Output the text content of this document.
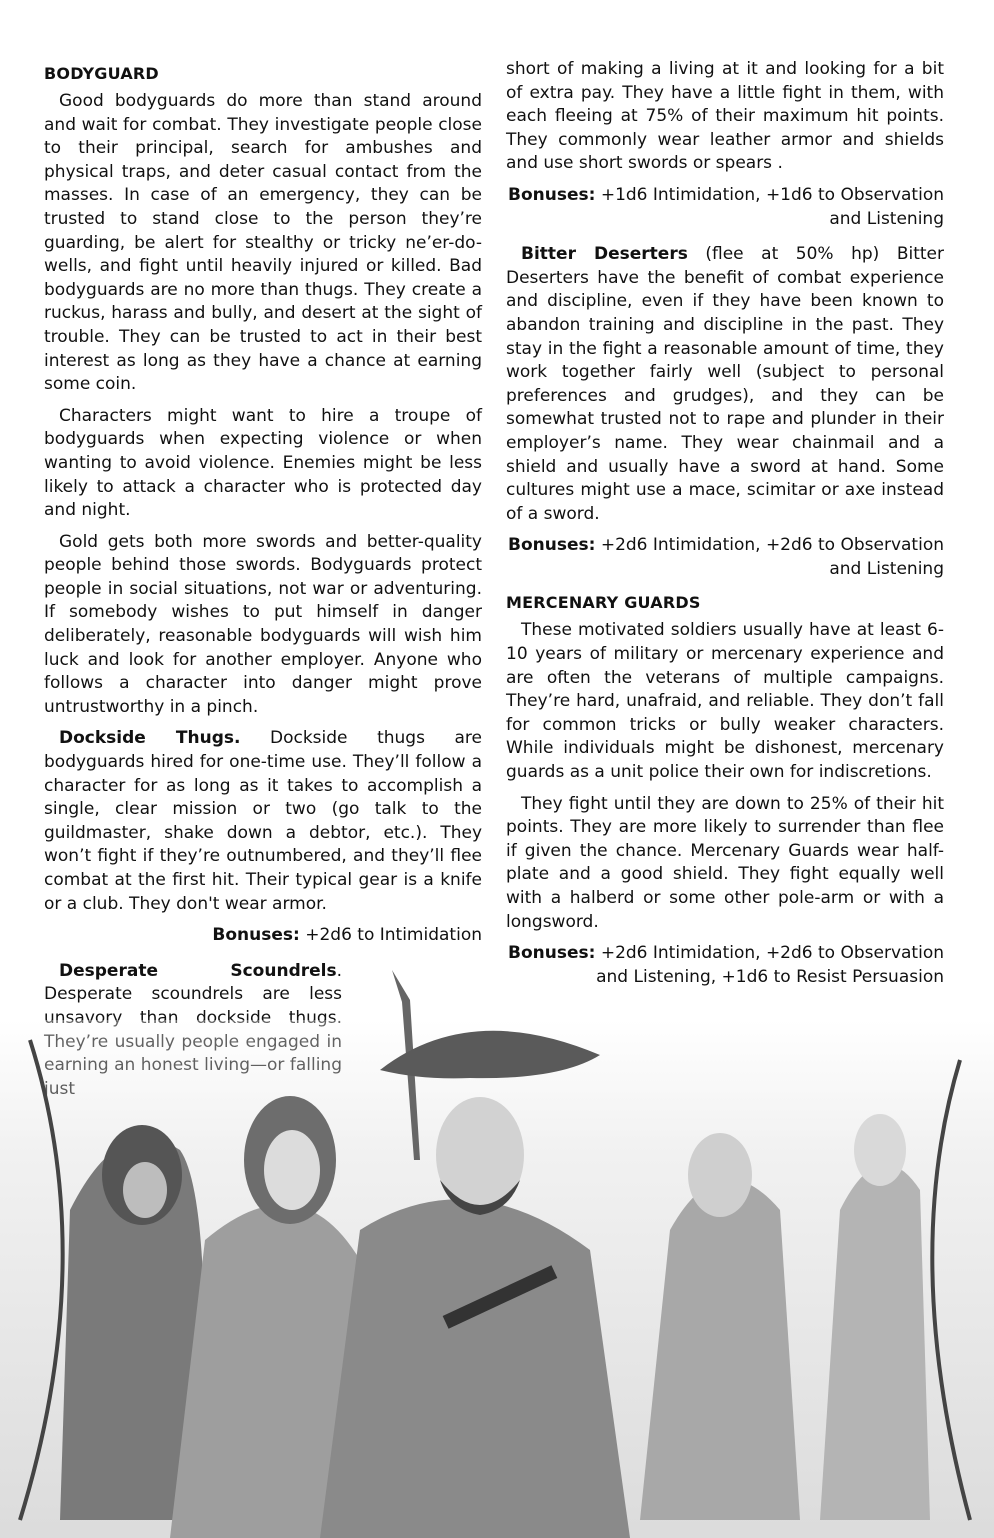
BODYGUARD

Good bodyguards do more than stand around and wait for combat. They investigate people close to their principal, search for ambushes and physical traps, and deter casual contact from the masses. In case of an emergency, they can be trusted to stand close to the person they’re guarding, be alert for stealthy or tricky ne’er-do-wells, and fight until heavily injured or killed. Bad bodyguards are no more than thugs. They create a ruckus, harass and bully, and desert at the sight of trouble. They can be trusted to act in their best interest as long as they have a chance at earning some coin.

Characters might want to hire a troupe of bodyguards when expecting violence or when wanting to avoid violence. Enemies might be less likely to attack a character who is protected day and night.

Gold gets both more swords and better-quality people behind those swords. Bodyguards protect people in social situations, not war or adventuring. If somebody wishes to put himself in danger deliberately, reasonable bodyguards will wish him luck and look for another employer. Anyone who follows a character into danger might prove untrustworthy in a pinch.

Dockside Thugs. Dockside thugs are bodyguards hired for one-time use. They’ll follow a character for as long as it takes to accomplish a single, clear mission or two (go talk to the guildmaster, shake down a debtor, etc.). They won’t fight if they’re outnumbered, and they’ll flee combat at the first hit. Their typical gear is a knife or a club. They don't wear armor.

Bonuses: +2d6 to Intimidation

Desperate Scoundrels. Desperate scoundrels are less unsavory than dockside thugs. They’re usually people engaged in earning an honest living—or falling just

short of making a living at it and looking for a bit of extra pay. They have a little fight in them, with each fleeing at 75% of their maximum hit points. They commonly wear leather armor and shields and use short swords or spears .

Bonuses: +1d6 Intimidation, +1d6 to Observation and Listening

Bitter Deserters (flee at 50% hp) Bitter Deserters have the benefit of combat experience and discipline, even if they have been known to abandon training and discipline in the past. They stay in the fight a reasonable amount of time, they work together fairly well (subject to personal preferences and grudges), and they can be somewhat trusted not to rape and plunder in their employer’s name. They wear chainmail and a shield and usually have a sword at hand. Some cultures might use a mace, scimitar or axe instead of a sword.

Bonuses: +2d6 Intimidation, +2d6 to Observation and Listening
MERCENARY GUARDS

These motivated soldiers usually have at least 6-10 years of military or mercenary experience and are often the veterans of multiple campaigns. They’re hard, unafraid, and reliable. They don’t fall for common tricks or bully weaker characters. While individuals might be dishonest, mercenary guards as a unit police their own for indiscretions.

They fight until they are down to 25% of their hit points. They are more likely to surrender than flee if given the chance. Mercenary Guards wear half-plate and a good shield. They fight equally well with a halberd or some other pole-arm or with a longsword.

Bonuses: +2d6 Intimidation, +2d6 to Observation and Listening, +1d6 to Resist Persuasion
